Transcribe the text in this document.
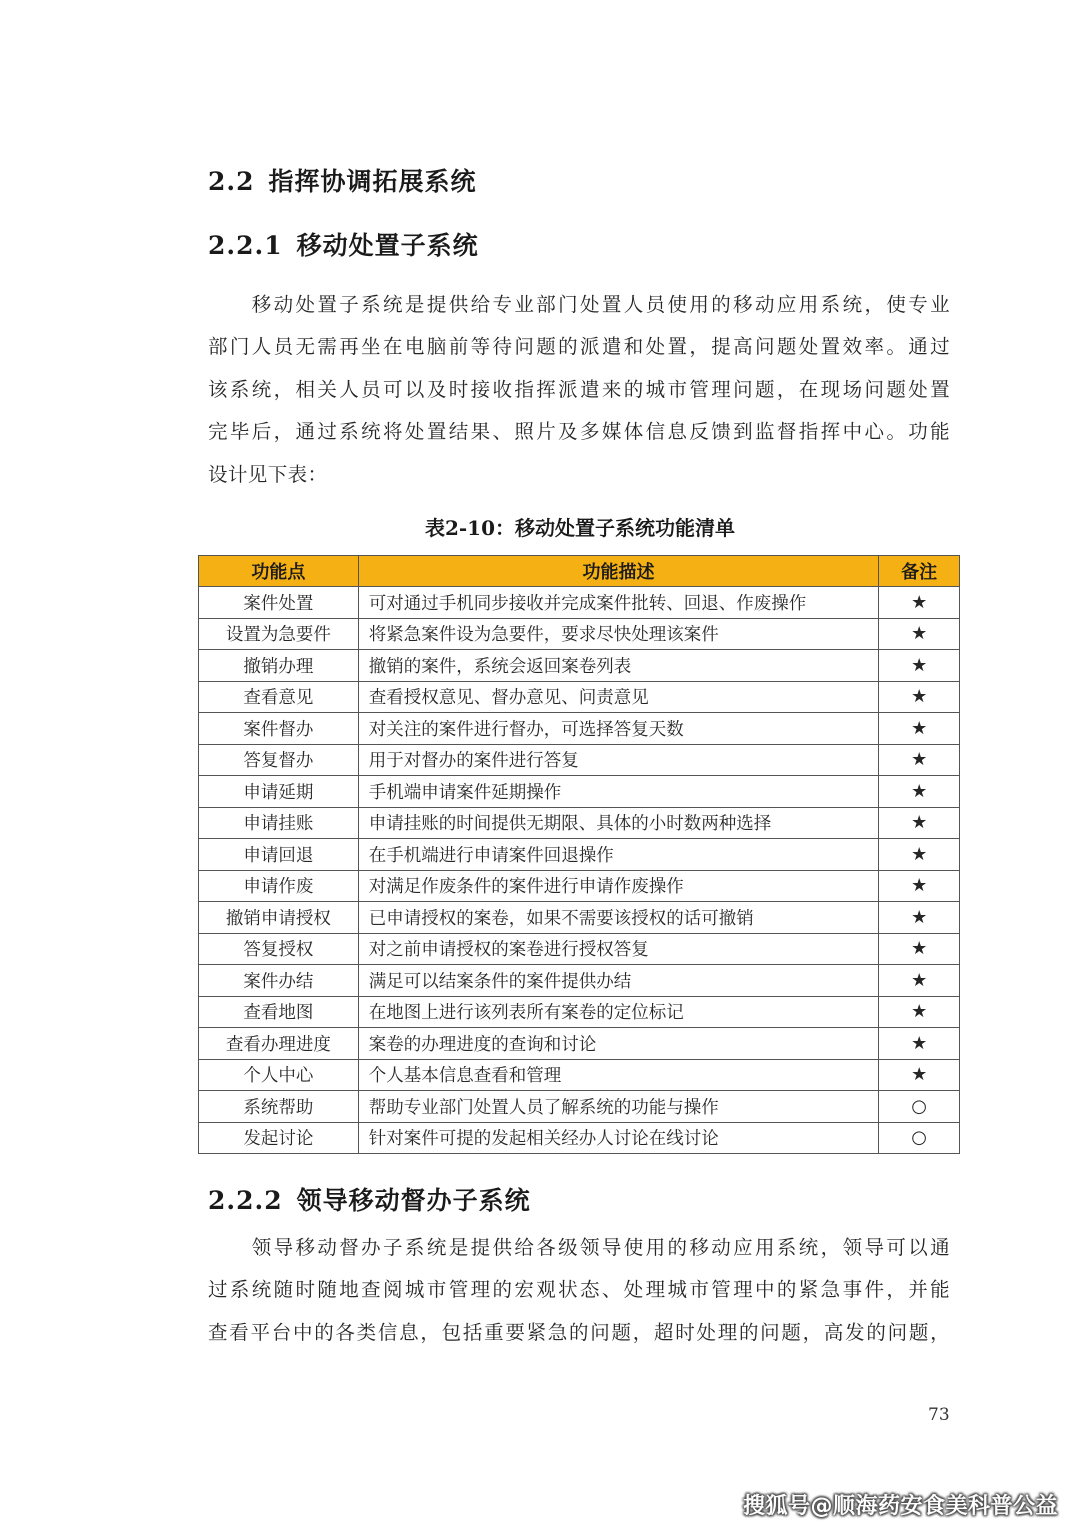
2.2 指挥协调拓展系统
2.2.1 移动处置子系统
　　移动处置子系统是提供给专业部门处置人员使用的移动应用系统，使专业
部门人员无需再坐在电脑前等待问题的派遣和处置，提高问题处置效率。通过
该系统，相关人员可以及时接收指挥派遣来的城市管理问题，在现场问题处置
完毕后，通过系统将处置结果、照片及多媒体信息反馈到监督指挥中心。功能
设计见下表：
表2-10：移动处置子系统功能清单
功能点	功能描述	备注
案件处置	可对通过手机同步接收并完成案件批转、回退、作废操作	★
设置为急要件	将紧急案件设为急要件，要求尽快处理该案件	★
撤销办理	撤销的案件，系统会返回案卷列表	★
查看意见	查看授权意见、督办意见、问责意见	★
案件督办	对关注的案件进行督办，可选择答复天数	★
答复督办	用于对督办的案件进行答复	★
申请延期	手机端申请案件延期操作	★
申请挂账	申请挂账的时间提供无期限、具体的小时数两种选择	★
申请回退	在手机端进行申请案件回退操作	★
申请作废	对满足作废条件的案件进行申请作废操作	★
撤销申请授权	已申请授权的案卷，如果不需要该授权的话可撤销	★
答复授权	对之前申请授权的案卷进行授权答复	★
案件办结	满足可以结案条件的案件提供办结	★
查看地图	在地图上进行该列表所有案卷的定位标记	★
查看办理进度	案卷的办理进度的查询和讨论	★
个人中心	个人基本信息查看和管理	★
系统帮助	帮助专业部门处置人员了解系统的功能与操作	○
发起讨论	针对案件可提的发起相关经办人讨论在线讨论	○
2.2.2 领导移动督办子系统
　　领导移动督办子系统是提供给各级领导使用的移动应用系统，领导可以通
过系统随时随地查阅城市管理的宏观状态、处理城市管理中的紧急事件，并能
查看平台中的各类信息，包括重要紧急的问题，超时处理的问题，高发的问题，
73
搜狐号@顺海药安食美科普公益
